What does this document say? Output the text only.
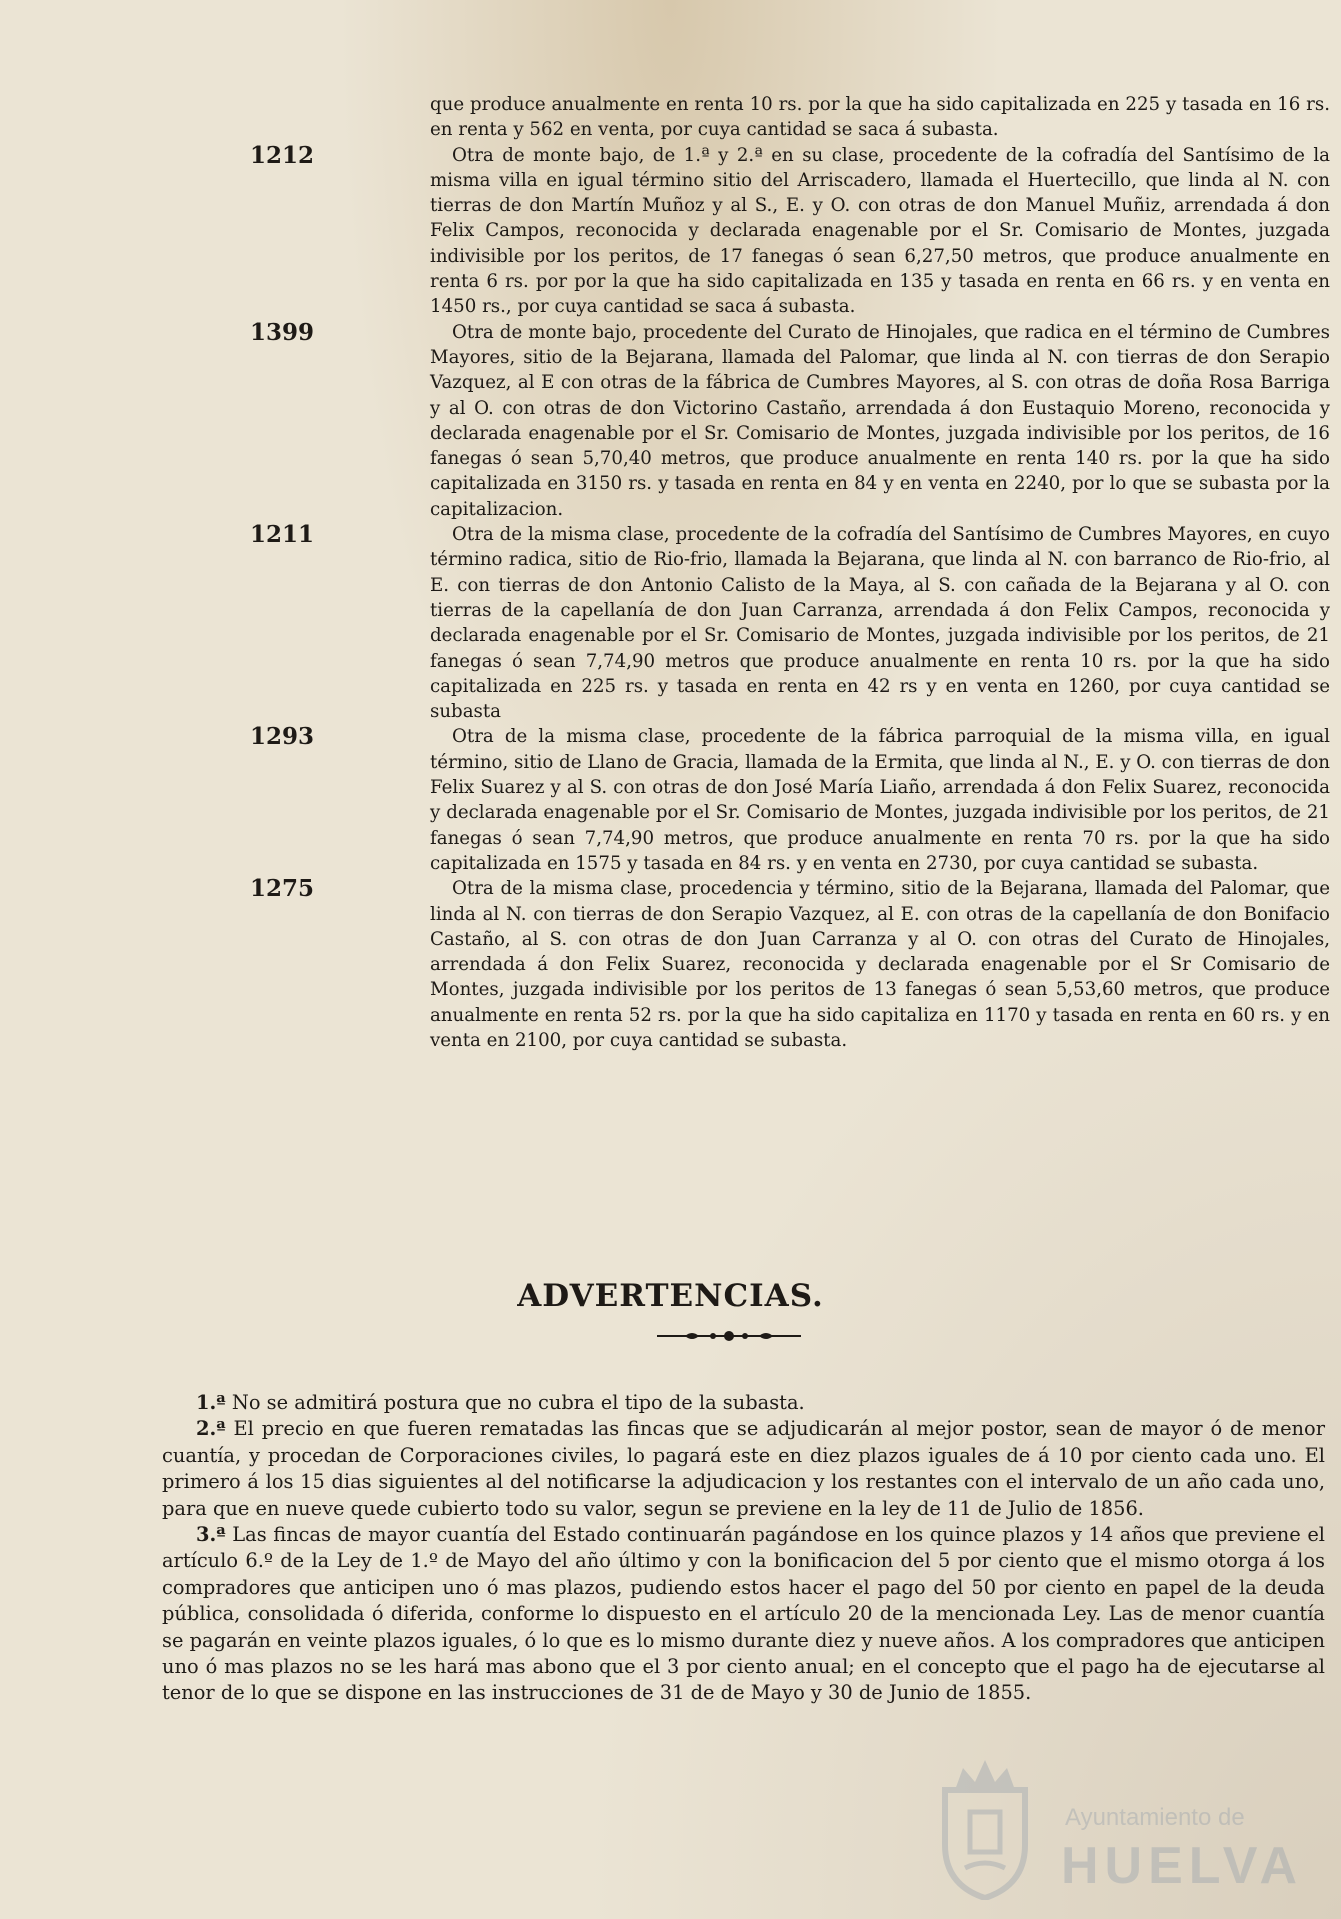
que produce anualmente en renta 10 rs. por la que ha sido capitalizada en 225 y tasada en 16 rs. en renta y 562 en venta, por cuya cantidad se saca á subasta.

1212	Otra de monte bajo, de 1.ª y 2.ª en su clase, procedente de la cofradía del Santísimo de la misma villa en igual término sitio del Arriscadero, llamada el Huertecillo, que linda al N. con tierras de don Martín Muñoz y al S., E. y O. con otras de don Manuel Muñiz, arrendada á don Felix Campos, reconocida y declarada enagenable por el Sr. Comisario de Montes, juzgada indivisible por los peritos, de 17 fanegas ó sean 6,27,50 metros, que produce anualmente en renta 6 rs. por por la que ha sido capitalizada en 135 y tasada en renta en 66 rs. y en venta en 1450 rs., por cuya cantidad se saca á subasta.

1399	Otra de monte bajo, procedente del Curato de Hinojales, que radica en el término de Cumbres Mayores, sitio de la Bejarana, llamada del Palomar, que linda al N. con tierras de don Serapio Vazquez, al E con otras de la fábrica de Cumbres Mayores, al S. con otras de doña Rosa Barriga y al O. con otras de don Victorino Castaño, arrendada á don Eustaquio Moreno, reconocida y declarada enagenable por el Sr. Comisario de Montes, juzgada indivisible por los peritos, de 16 fanegas ó sean 5,70,40 metros, que produce anualmente en renta 140 rs. por la que ha sido capitalizada en 3150 rs. y tasada en renta en 84 y en venta en 2240, por lo que se subasta por la capitalizacion.

1211	Otra de la misma clase, procedente de la cofradía del Santísimo de Cumbres Mayores, en cuyo término radica, sitio de Rio-frio, llamada la Bejarana, que linda al N. con barranco de Rio-frio, al E. con tierras de don Antonio Calisto de la Maya, al S. con cañada de la Bejarana y al O. con tierras de la capellanía de don Juan Carranza, arrendada á don Felix Campos, reconocida y declarada enagenable por el Sr. Comisario de Montes, juzgada indivisible por los peritos, de 21 fanegas ó sean 7,74,90 metros que produce anualmente en renta 10 rs. por la que ha sido capitalizada en 225 rs. y tasada en renta en 42 rs y en venta en 1260, por cuya cantidad se subasta

1293	Otra de la misma clase, procedente de la fábrica parroquial de la misma villa, en igual término, sitio de Llano de Gracia, llamada de la Ermita, que linda al N., E. y O. con tierras de don Felix Suarez y al S. con otras de don José María Liaño, arrendada á don Felix Suarez, reconocida y declarada enagenable por el Sr. Comisario de Montes, juzgada indivisible por los peritos, de 21 fanegas ó sean 7,74,90 metros, que produce anualmente en renta 70 rs. por la que ha sido capitalizada en 1575 y tasada en 84 rs. y en venta en 2730, por cuya cantidad se subasta.

1275	Otra de la misma clase, procedencia y término, sitio de la Bejarana, llamada del Palomar, que linda al N. con tierras de don Serapio Vazquez, al E. con otras de la capellanía de don Bonifacio Castaño, al S. con otras de don Juan Carranza y al O. con otras del Curato de Hinojales, arrendada á don Felix Suarez, reconocida y declarada enagenable por el Sr Comisario de Montes, juzgada indivisible por los peritos de 13 fanegas ó sean 5,53,60 metros, que produce anualmente en renta 52 rs. por la que ha sido capitaliza en 1170 y tasada en renta en 60 rs. y en venta en 2100, por cuya cantidad se subasta.

ADVERTENCIAS.

1.ª No se admitirá postura que no cubra el tipo de la subasta.

2.ª El precio en que fueren rematadas las fincas que se adjudicarán al mejor postor, sean de mayor ó de menor cuantía, y procedan de Corporaciones civiles, lo pagará este en diez plazos iguales de á 10 por ciento cada uno. El primero á los 15 dias siguientes al del notificarse la adjudicacion y los restantes con el intervalo de un año cada uno, para que en nueve quede cubierto todo su valor, segun se previene en la ley de 11 de Julio de 1856.

3.ª Las fincas de mayor cuantía del Estado continuarán pagándose en los quince plazos y 14 años que previene el artículo 6.º de la Ley de 1.º de Mayo del año último y con la bonificacion del 5 por ciento que el mismo otorga á los compradores que anticipen uno ó mas plazos, pudiendo estos hacer el pago del 50 por ciento en papel de la deuda pública, consolidada ó diferida, conforme lo dispuesto en el artículo 20 de la mencionada Ley. Las de menor cuantía se pagarán en veinte plazos iguales, ó lo que es lo mismo durante diez y nueve años. A los compradores que anticipen uno ó mas plazos no se les hará mas abono que el 3 por ciento anual; en el concepto que el pago ha de ejecutarse al tenor de lo que se dispone en las instrucciones de 31 de de Mayo y 30 de Junio de 1855.

Ayuntamiento de
HUELVA
